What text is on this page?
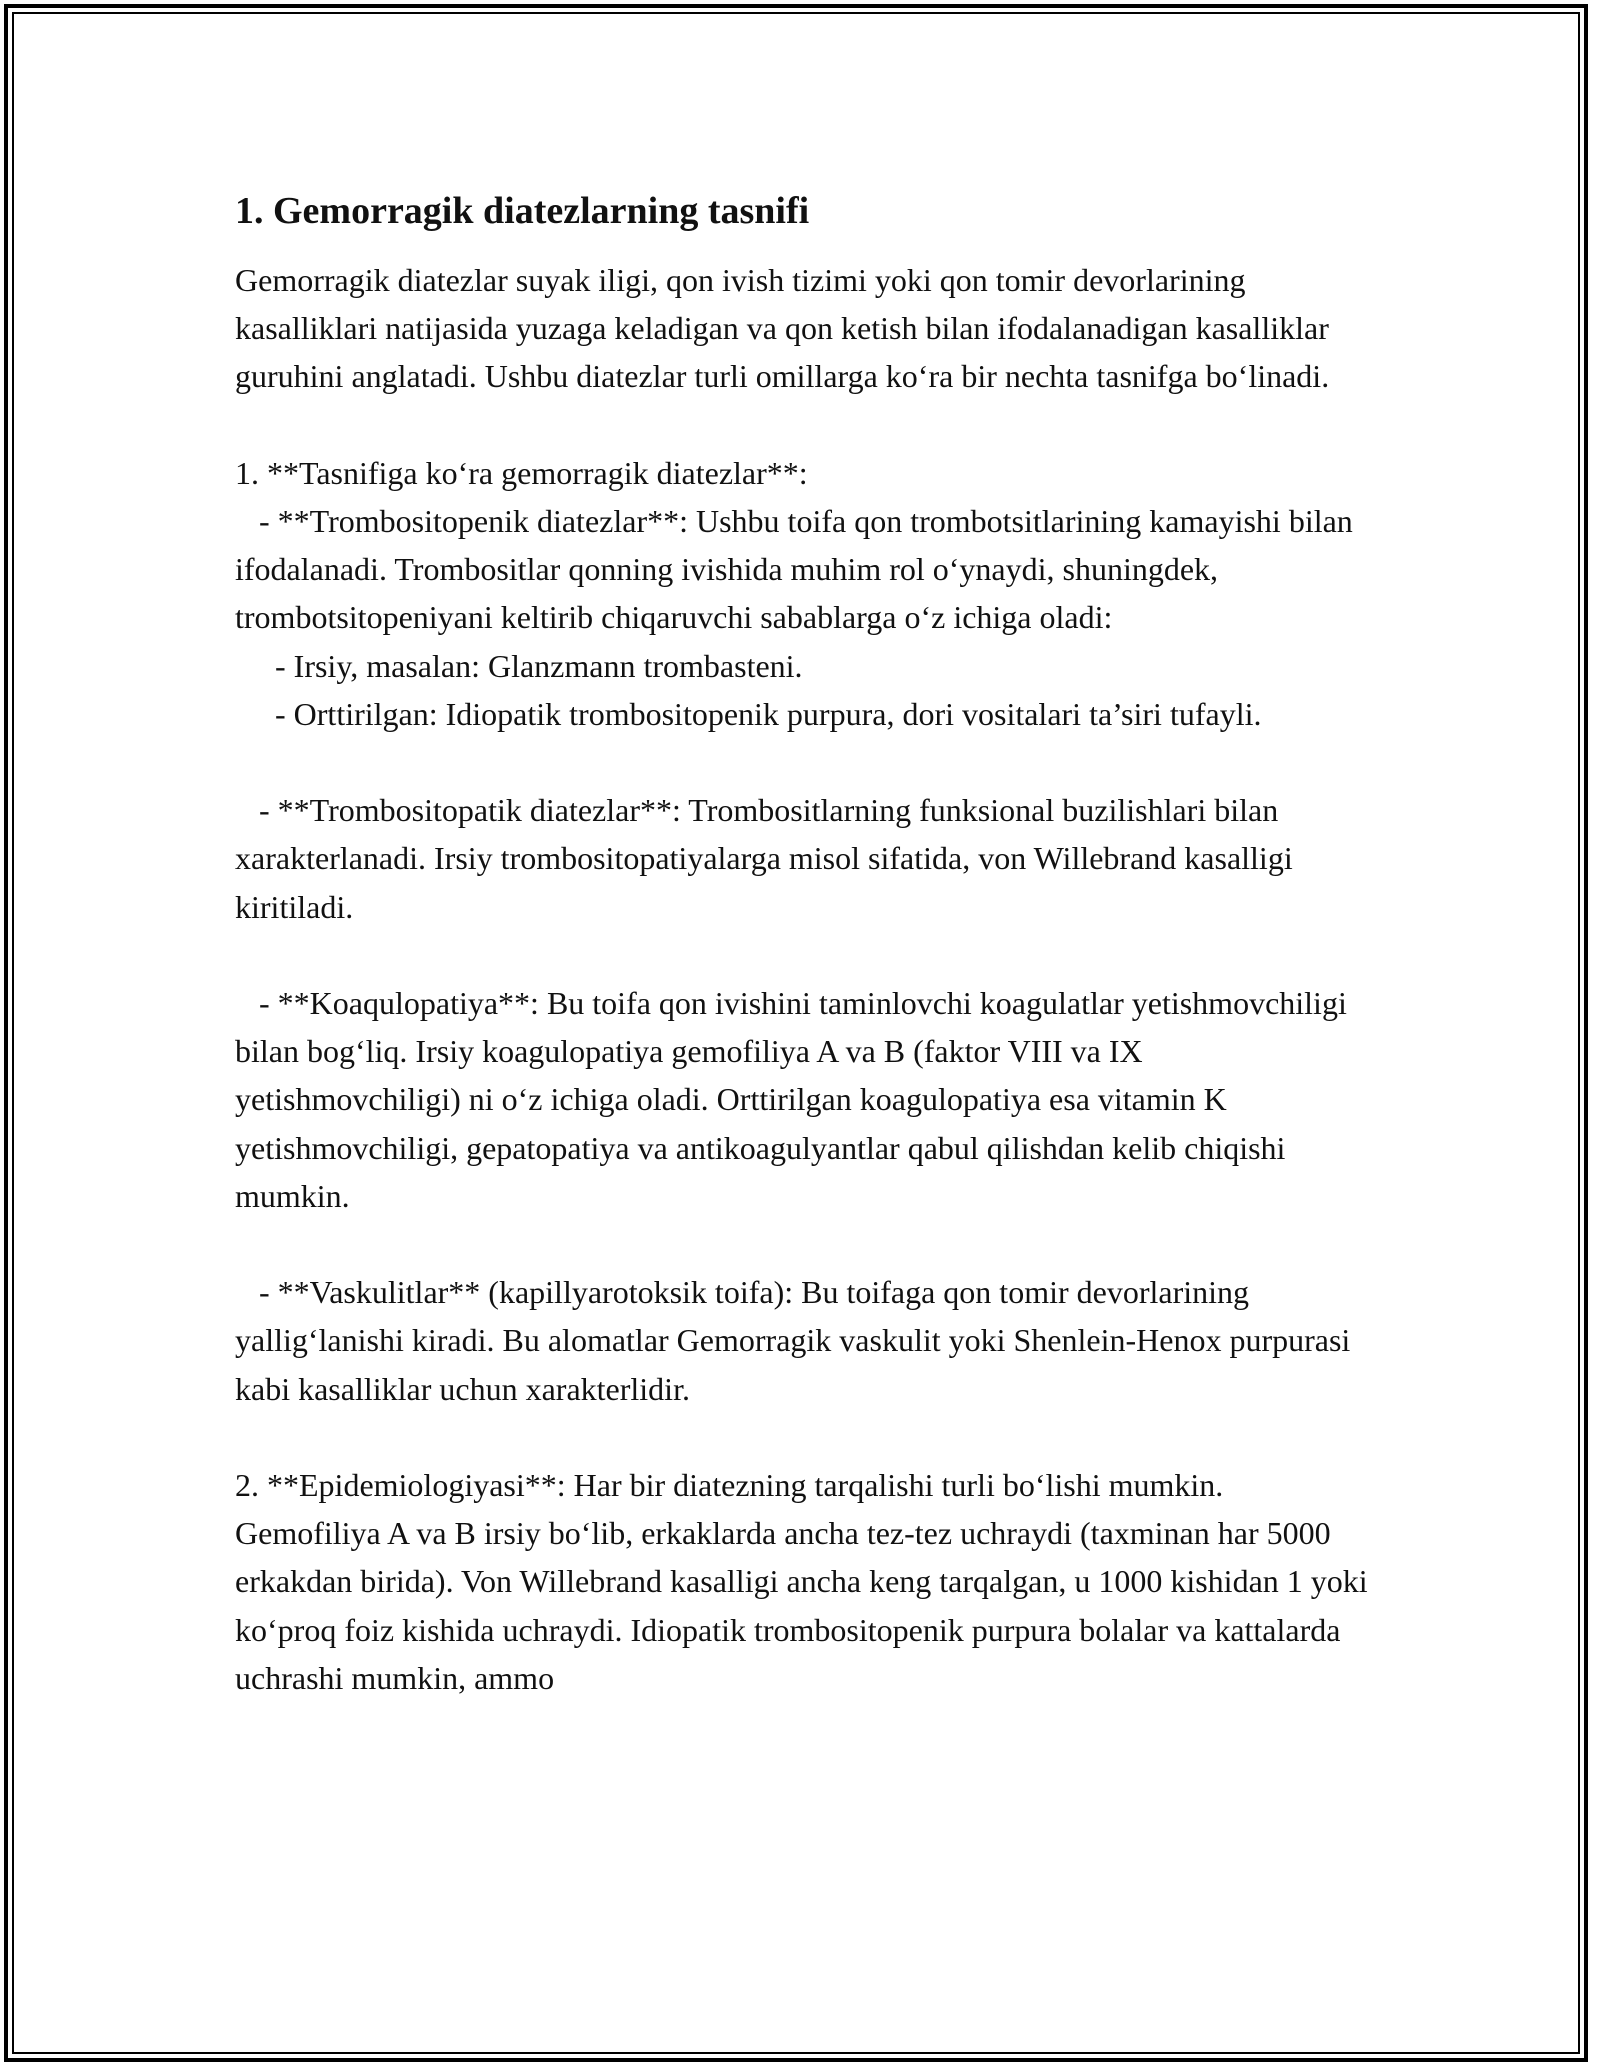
1. Gemorragik diatezlarning tasnifi

Gemorragik diatezlar suyak iligi, qon ivish tizimi yoki qon tomir devorlarining kasalliklari natijasida yuzaga keladigan va qon ketish bilan ifodalanadigan kasalliklar guruhini anglatadi. Ushbu diatezlar turli omillarga ko‘ra bir nechta tasnifga bo‘linadi.

1. **Tasnifiga ko‘ra gemorragik diatezlar**:
- **Trombositopenik diatezlar**: Ushbu toifa qon trombotsitlarining kamayishi bilan ifodalanadi. Trombositlar qonning ivishida muhim rol o‘ynaydi, shuningdek, trombotsitopeniyani keltirib chiqaruvchi sabablarga o‘z ichiga oladi:
- Irsiy, masalan: Glanzmann trombasteni.
- Orttirilgan: Idiopatik trombositopenik purpura, dori vositalari ta’siri tufayli.

- **Trombositopatik diatezlar**: Trombositlarning funksional buzilishlari bilan xarakterlanadi. Irsiy trombositopatiyalarga misol sifatida, von Willebrand kasalligi kiritiladi.

- **Koaqulopatiya**: Bu toifa qon ivishini taminlovchi koagulatlar yetishmovchiligi bilan bog‘liq. Irsiy koagulopatiya gemofiliya A va B (faktor VIII va IX yetishmovchiligi) ni o‘z ichiga oladi. Orttirilgan koagulopatiya esa vitamin K yetishmovchiligi, gepatopatiya va antikoagulyantlar qabul qilishdan kelib chiqishi mumkin.

- **Vaskulitlar** (kapillyarotoksik toifa): Bu toifaga qon tomir devorlarining yallig‘lanishi kiradi. Bu alomatlar Gemorragik vaskulit yoki Shenlein-Henox purpurasi kabi kasalliklar uchun xarakterlidir.

2. **Epidemiologiyasi**: Har bir diatezning tarqalishi turli bo‘lishi mumkin. Gemofiliya A va B irsiy bo‘lib, erkaklarda ancha tez-tez uchraydi (taxminan har 5000 erkakdan birida). Von Willebrand kasalligi ancha keng tarqalgan, u 1000 kishidan 1 yoki ko‘proq foiz kishida uchraydi. Idiopatik trombositopenik purpura bolalar va kattalarda uchrashi mumkin, ammo
